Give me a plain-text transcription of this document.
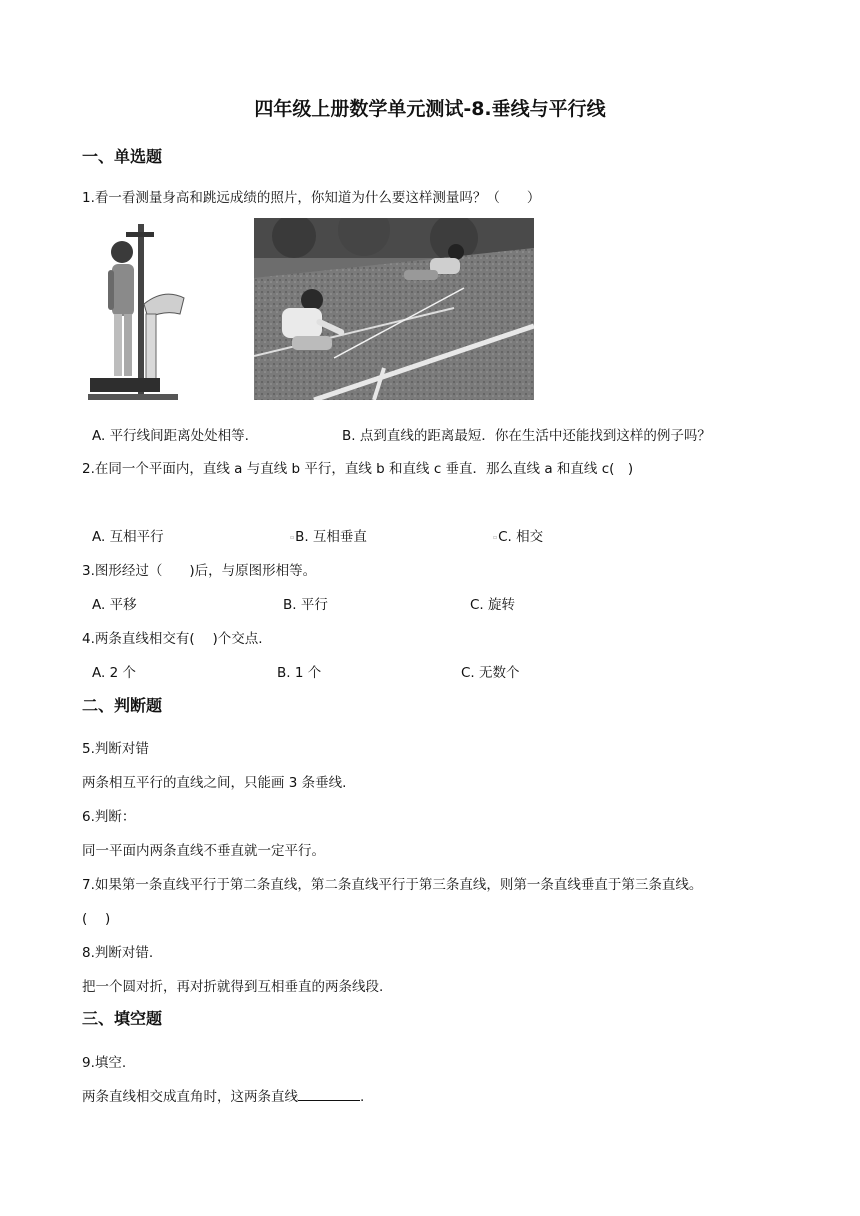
四年级上册数学单元测试-8.垂线与平行线
一、单选题
1.看一看测量身高和跳远成绩的照片，你知道为什么要这样测量吗？（　　）
A. 平行线间距离处处相等.	B. 点到直线的距离最短．你在生活中还能找到这样的例子吗？
2.在同一个平面内，直线 a 与直线 b 平行，直线 b 和直线 c 垂直．那么直线 a 和直线 c(　)
A. 互相平行	▫B. 互相垂直	▫C. 相交
3.图形经过（　　)后，与原图形相等。
A. 平移	B. 平行	C. 旋转
4.两条直线相交有(　 )个交点.
A. 2 个	B. 1 个	C. 无数个
二、判断题
5.判断对错
两条相互平行的直线之间，只能画 3 条垂线.
6.判断：
同一平面内两条直线不垂直就一定平行。
7.如果第一条直线平行于第二条直线，第二条直线平行于第三条直线，则第一条直线垂直于第三条直线。
(　 )
8.判断对错.
把一个圆对折，再对折就得到互相垂直的两条线段.
三、填空题
9.填空.
两条直线相交成直角时，这两条直线	.
